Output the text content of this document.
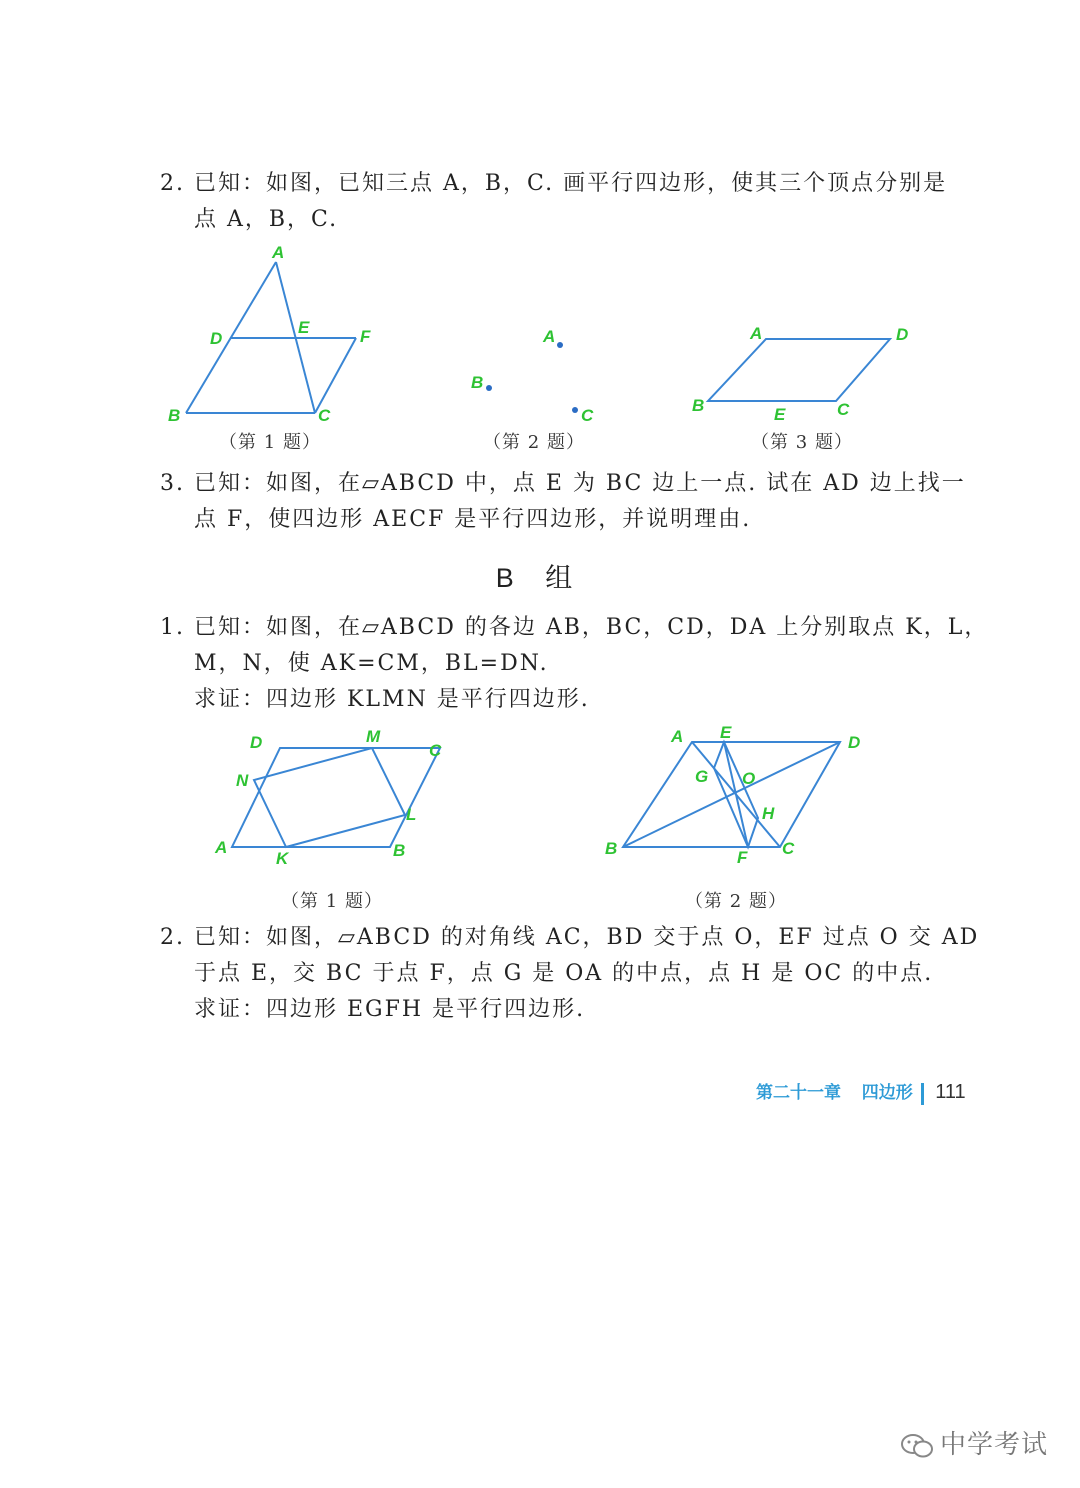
2. 已知：如图，已知三点 A，B，C. 画平行四边形，使其三个顶点分别是
点 A，B，C.
A
D
E	F
B	C
（第 1 题）
A
B
C
（第 2 题）
A	D
B	E	C
（第 3 题）
3. 已知：如图，在▱ABCD 中，点 E 为 BC 边上一点. 试在 AD 边上找一
点 F，使四边形 AECF 是平行四边形，并说明理由.
B 组
1. 已知：如图，在▱ABCD 的各边 AB，BC，CD，DA 上分别取点 K，L，
M，N，使 AK=CM，BL=DN.
求证：四边形 KLMN 是平行四边形.
D	M
C
N
L
A
K	B
（第 1 题）
A E
D
G O
H
B	F C
（第 2 题）
2. 已知：如图，▱ABCD 的对角线 AC，BD 交于点 O，EF 过点 O 交 AD
于点 E，交 BC 于点 F，点 G 是 OA 的中点，点 H 是 OC 的中点.
求证：四边形 EGFH 是平行四边形.
第二十一章 四边形 111
中学考试
